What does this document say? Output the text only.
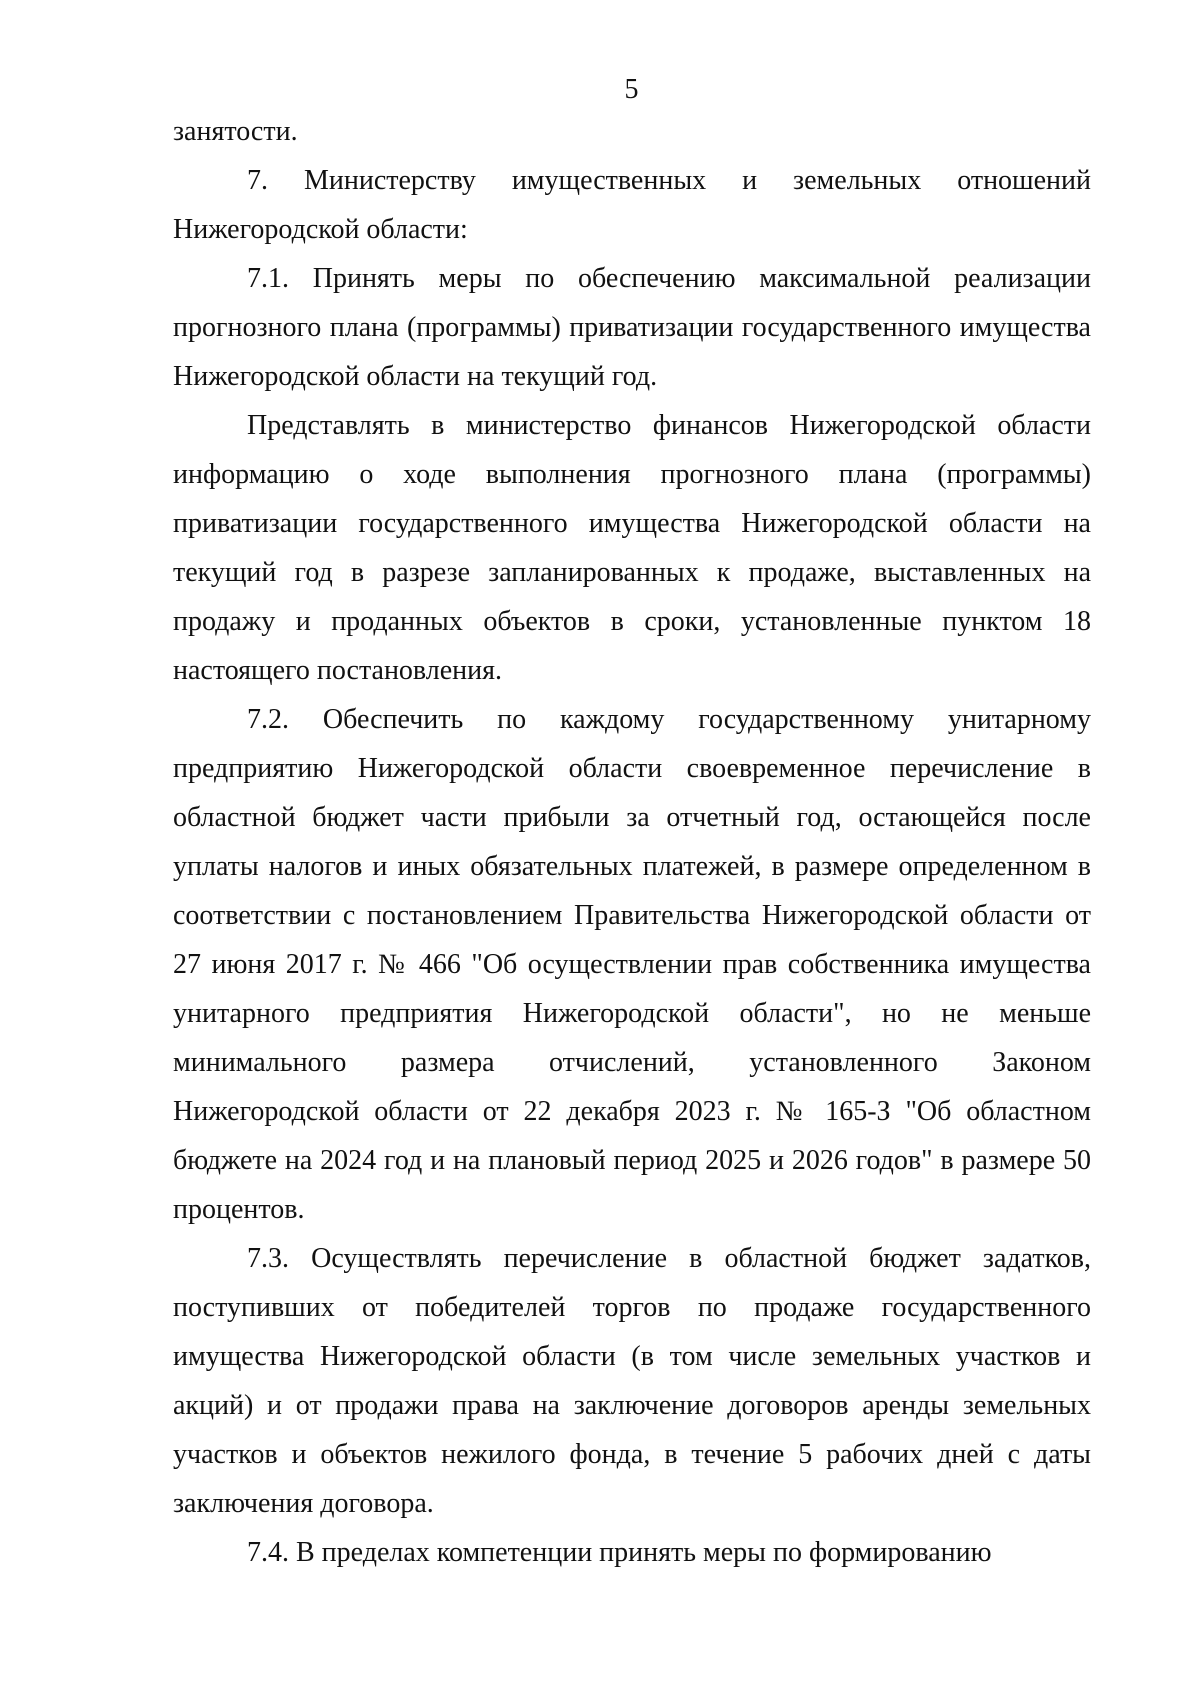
5

занятости.

7. Министерству имущественных и земельных отношений Нижегородской области:

7.1. Принять меры по обеспечению максимальной реализации прогнозного плана (программы) приватизации государственного имущества Нижегородской области на текущий год.

Представлять в министерство финансов Нижегородской области информацию о ходе выполнения прогнозного плана (программы) приватизации государственного имущества Нижегородской области на текущий год в разрезе запланированных к продаже, выставленных на продажу и проданных объектов в сроки, установленные пунктом 18 настоящего постановления.

7.2. Обеспечить по каждому государственному унитарному предприятию Нижегородской области своевременное перечисление в областной бюджет части прибыли за отчетный год, остающейся после уплаты налогов и иных обязательных платежей, в размере определенном в соответствии с постановлением Правительства Нижегородской области от 27 июня 2017 г. № 466 "Об осуществлении прав собственника имущества унитарного предприятия Нижегородской области", но не меньше минимального размера отчислений, установленного Законом Нижегородской области от 22 декабря 2023 г. № 165-З "Об областном бюджете на 2024 год и на плановый период 2025 и 2026 годов" в размере 50 процентов.

7.3. Осуществлять перечисление в областной бюджет задатков, поступивших от победителей торгов по продаже государственного имущества Нижегородской области (в том числе земельных участков и акций) и от продажи права на заключение договоров аренды земельных участков и объектов нежилого фонда, в течение 5 рабочих дней с даты заключения договора.

7.4. В пределах компетенции принять меры по формированию
